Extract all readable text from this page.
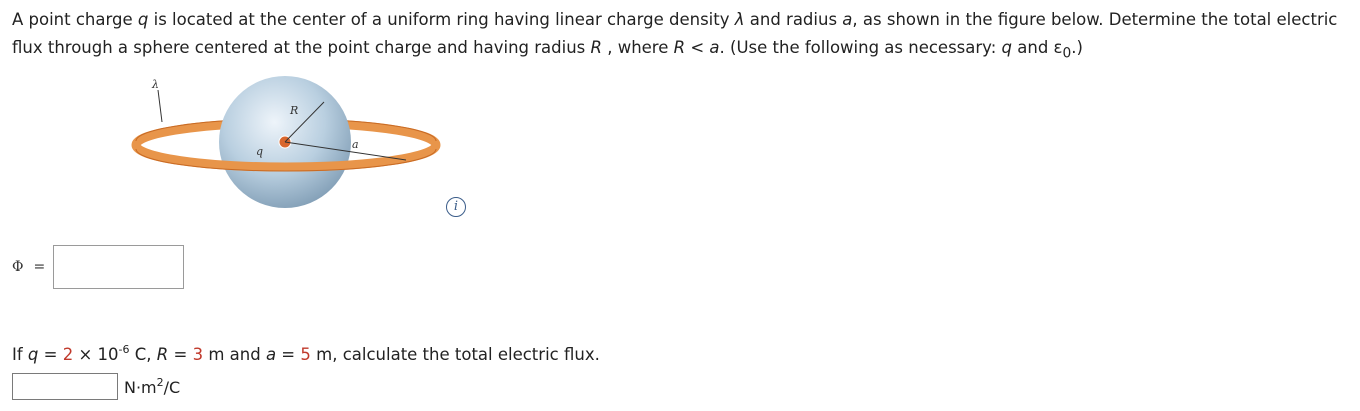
A point charge q is located at the center of a uniform ring having linear charge density λ and radius a, as shown in the figure below. Determine the total electric flux through a sphere centered at the point charge and having radius R , where R < a. (Use the following as necessary: q and $\varepsilon_0$.)
λ
R
q
a
i
Φ =
If $q = 2 \times 10^{-6}$ C, R = 3 m and a = 5 m, calculate the total electric flux.
$N\cdot m^2/C$
